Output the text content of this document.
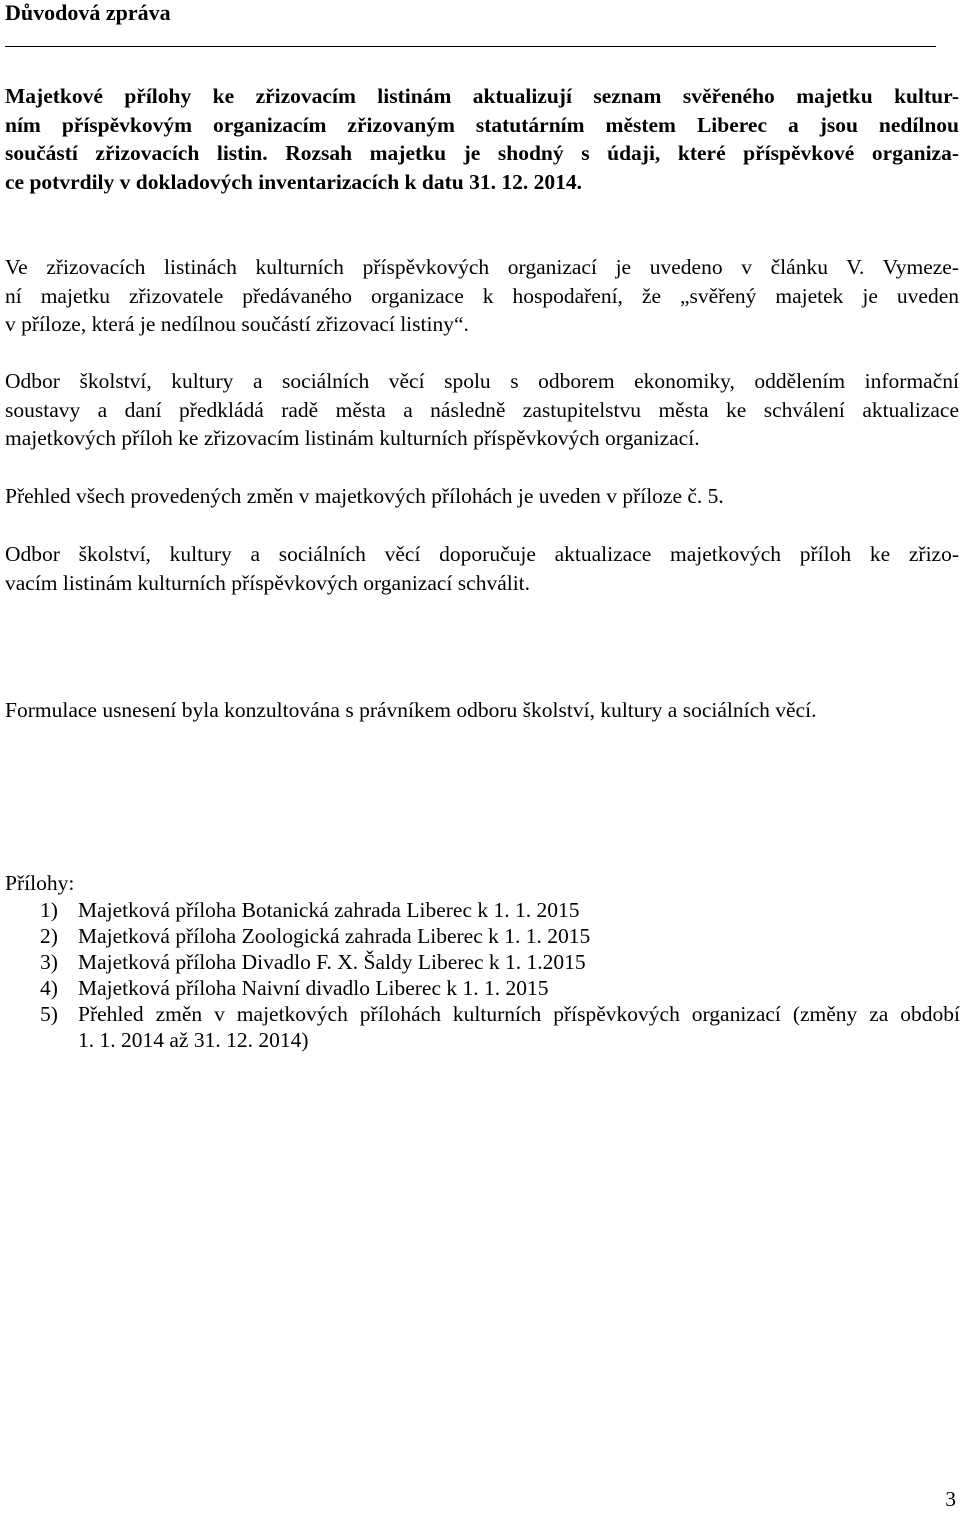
Důvodová zpráva
Majetkové přílohy ke zřizovacím listinám aktualizují seznam svěřeného majetku kultur-
ním příspěvkovým organizacím zřizovaným statutárním městem Liberec a jsou nedílnou
součástí zřizovacích listin. Rozsah majetku je shodný s údaji, které příspěvkové organiza-
ce potvrdily v dokladových inventarizacích k datu 31. 12. 2014.
Ve zřizovacích listinách kulturních příspěvkových organizací je uvedeno v článku V. Vymeze-
ní majetku zřizovatele předávaného organizace k hospodaření, že „svěřený majetek je uveden
v příloze, která je nedílnou součástí zřizovací listiny“.
Odbor školství, kultury a sociálních věcí spolu s odborem ekonomiky, oddělením informační
soustavy a daní předkládá radě města a následně zastupitelstvu města ke schválení aktualizace
majetkových příloh ke zřizovacím listinám kulturních příspěvkových organizací.
Přehled všech provedených změn v majetkových přílohách je uveden v příloze č. 5.
Odbor školství, kultury a sociálních věcí doporučuje aktualizace majetkových příloh ke zřizo-
vacím listinám kulturních příspěvkových organizací schválit.
Formulace usnesení byla konzultována s právníkem odboru školství, kultury a sociálních věcí.
Přílohy:
1) Majetková příloha Botanická zahrada Liberec k 1. 1. 2015
2) Majetková příloha Zoologická zahrada Liberec k 1. 1. 2015
3) Majetková příloha Divadlo F. X. Šaldy Liberec k 1. 1.2015
4) Majetková příloha Naivní divadlo Liberec k 1. 1. 2015
5) Přehled změn v majetkových přílohách kulturních příspěvkových organizací (změny za období
1. 1. 2014 až 31. 12. 2014)
3
